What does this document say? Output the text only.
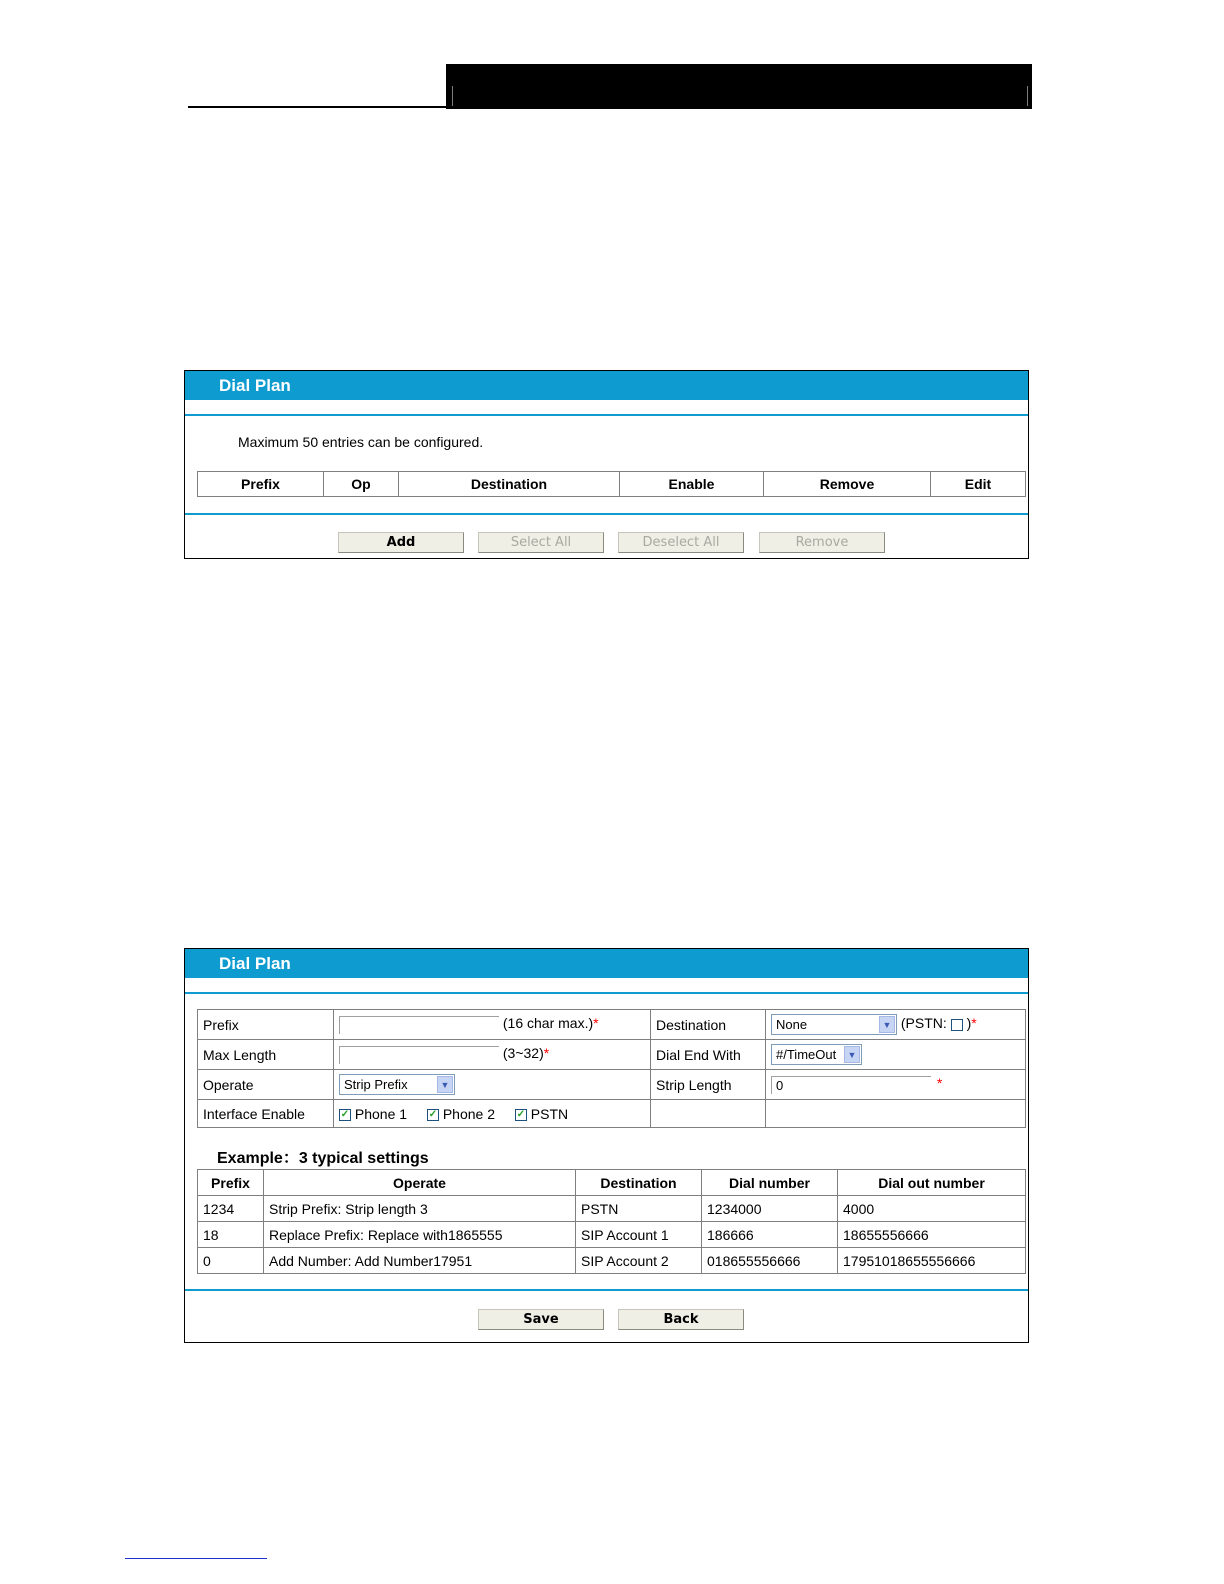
Dial Plan
Maximum 50 entries can be configured.
Prefix	Op	Destination	Enable	Remove	Edit
Add	Select All	Deselect All	Remove
Dial Plan
Prefix	(16 char max.)*	Destination	None ▼ (PSTN: )*
Max Length	(3~32)*	Dial End With	#/TimeOut ▼

Operate	Strip Prefix ▼	Strip Length	0 *
Interface Enable	✓ Phone 1 ✓ Phone 2 ✓ PSTN		
Example：3 typical settings
Prefix	Operate	Destination	Dial number	Dial out number
1234	Strip Prefix: Strip length 3	PSTN	1234000	4000
18	Replace Prefix: Replace with1865555	SIP Account 1	186666	18655556666
0	Add Number: Add Number17951	SIP Account 2	018655556666	17951018655556666
Save	Back
